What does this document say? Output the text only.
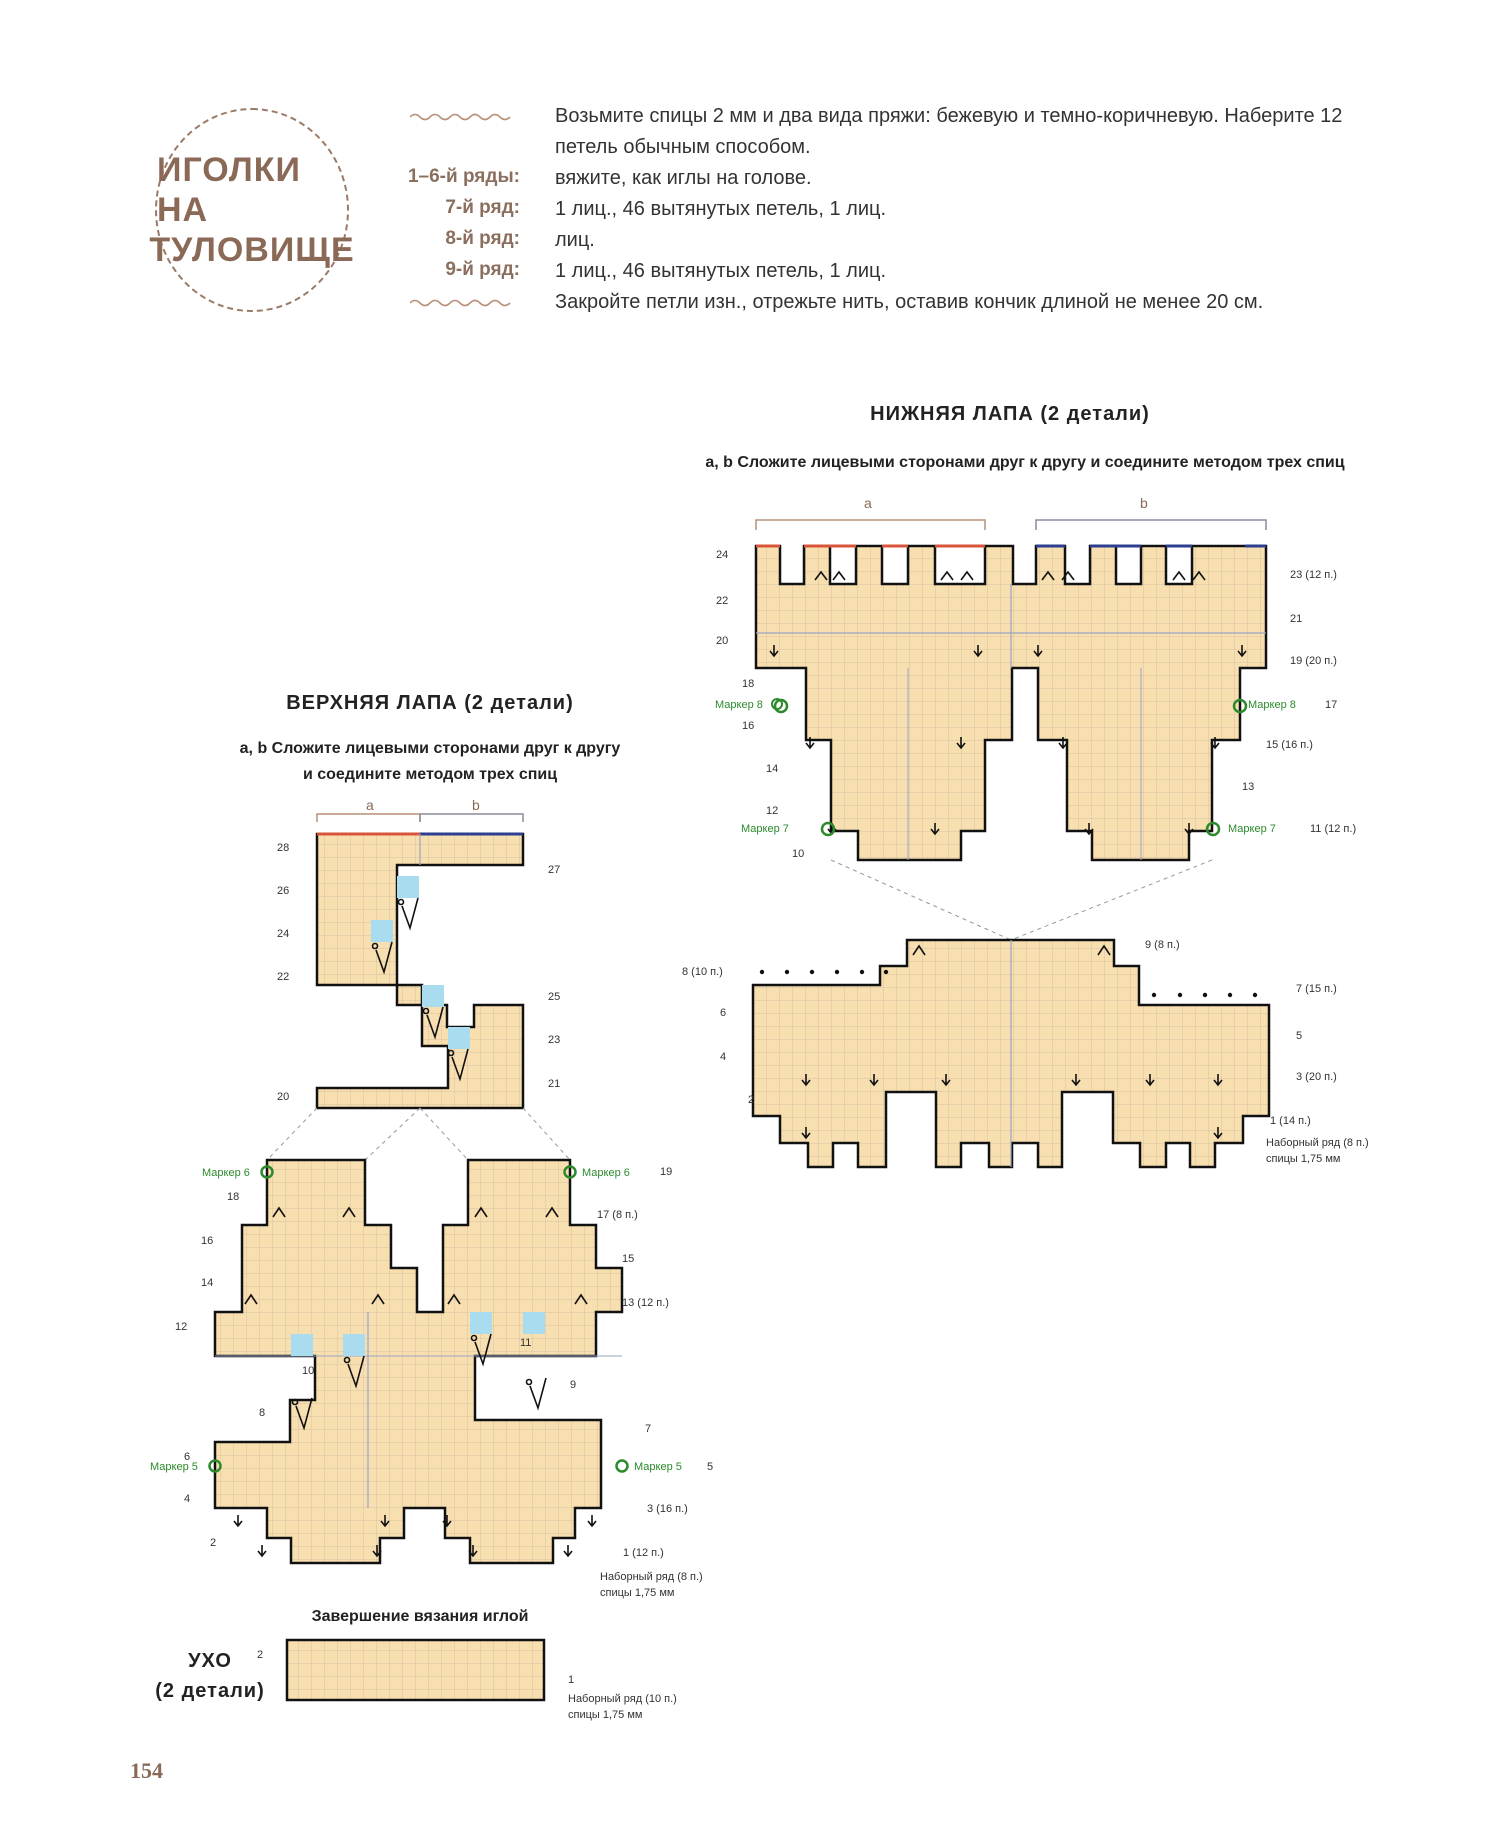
ИГОЛКИ НА
ТУЛОВИЩЕ
Возьмите спицы 2 мм и два вида пряжи: бежевую и темно-коричневую. Наберите 12 петель обычным способом.
1–6-й ряды: вяжите, как иглы на голове.
7-й ряд: 1 лиц., 46 вытянутых петель, 1 лиц.
8-й ряд: лиц.
9-й ряд: 1 лиц., 46 вытянутых петель, 1 лиц.
Закройте петли изн., отрежьте нить, оставив кончик длиной не менее 20 см.
НИЖНЯЯ ЛАПА (2 детали)
a, b Сложите лицевыми сторонами друг к другу и соедините методом трех спиц
24
22
20
18
16
14
12
10
8 (10 п.)
6
4
2
23 (12 п.)
21
19 (20 п.)
17
15 (16 п.)
13
11 (12 п.)
9 (8 п.)
7 (15 п.)
5
3 (20 п.)
1 (14 п.)
Наборный ряд (8 п.)
спицы 1,75 мм
Маркер 8	Маркер 8
Маркер 7	Маркер 7
a	b
28
26
24
22
20
18
16
14
12
10
8
6
4
2
27
25
23
21
19
17 (8 п.)
15
13 (12 п.)
11
9
7
5
3 (16 п.)
1 (12 п.)
Наборный ряд (8 п.)
спицы 1,75 мм
Маркер 6	Маркер 6
Маркер 5	Маркер 5
a	b
2
1
Наборный ряд (10 п.)
спицы 1,75 мм
ВЕРХНЯЯ ЛАПА (2 детали)
a, b Сложите лицевыми сторонами друг к другу
и соедините методом трех спиц
Завершение вязания иглой
УХО
(2 детали)
154
